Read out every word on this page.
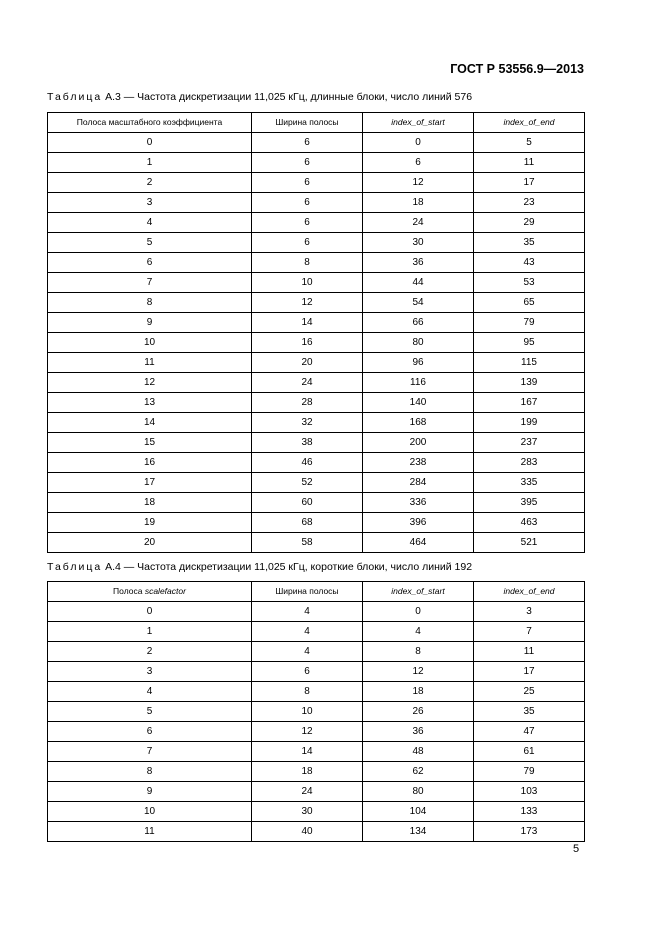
ГОСТ Р 53556.9—2013
Таблица А.3 — Частота дискретизации 11,025 кГц, длинные блоки, число линий 576
Полоса масштабного коэффициента	Ширина полосы	index_of_start	index_of_end
0	6	0	5
1	6	6	11
2	6	12	17
3	6	18	23
4	6	24	29
5	6	30	35
6	8	36	43
7	10	44	53
8	12	54	65
9	14	66	79
10	16	80	95
11	20	96	115
12	24	116	139
13	28	140	167
14	32	168	199
15	38	200	237
16	46	238	283
17	52	284	335
18	60	336	395
19	68	396	463
20	58	464	521
Таблица А.4 — Частота дискретизации 11,025 кГц, короткие блоки, число линий 192
Полоса scalefactor	Ширина полосы	index_of_start	index_of_end
0	4	0	3
1	4	4	7
2	4	8	11
3	6	12	17
4	8	18	25
5	10	26	35
6	12	36	47
7	14	48	61
8	18	62	79
9	24	80	103
10	30	104	133
11	40	134	173
5
